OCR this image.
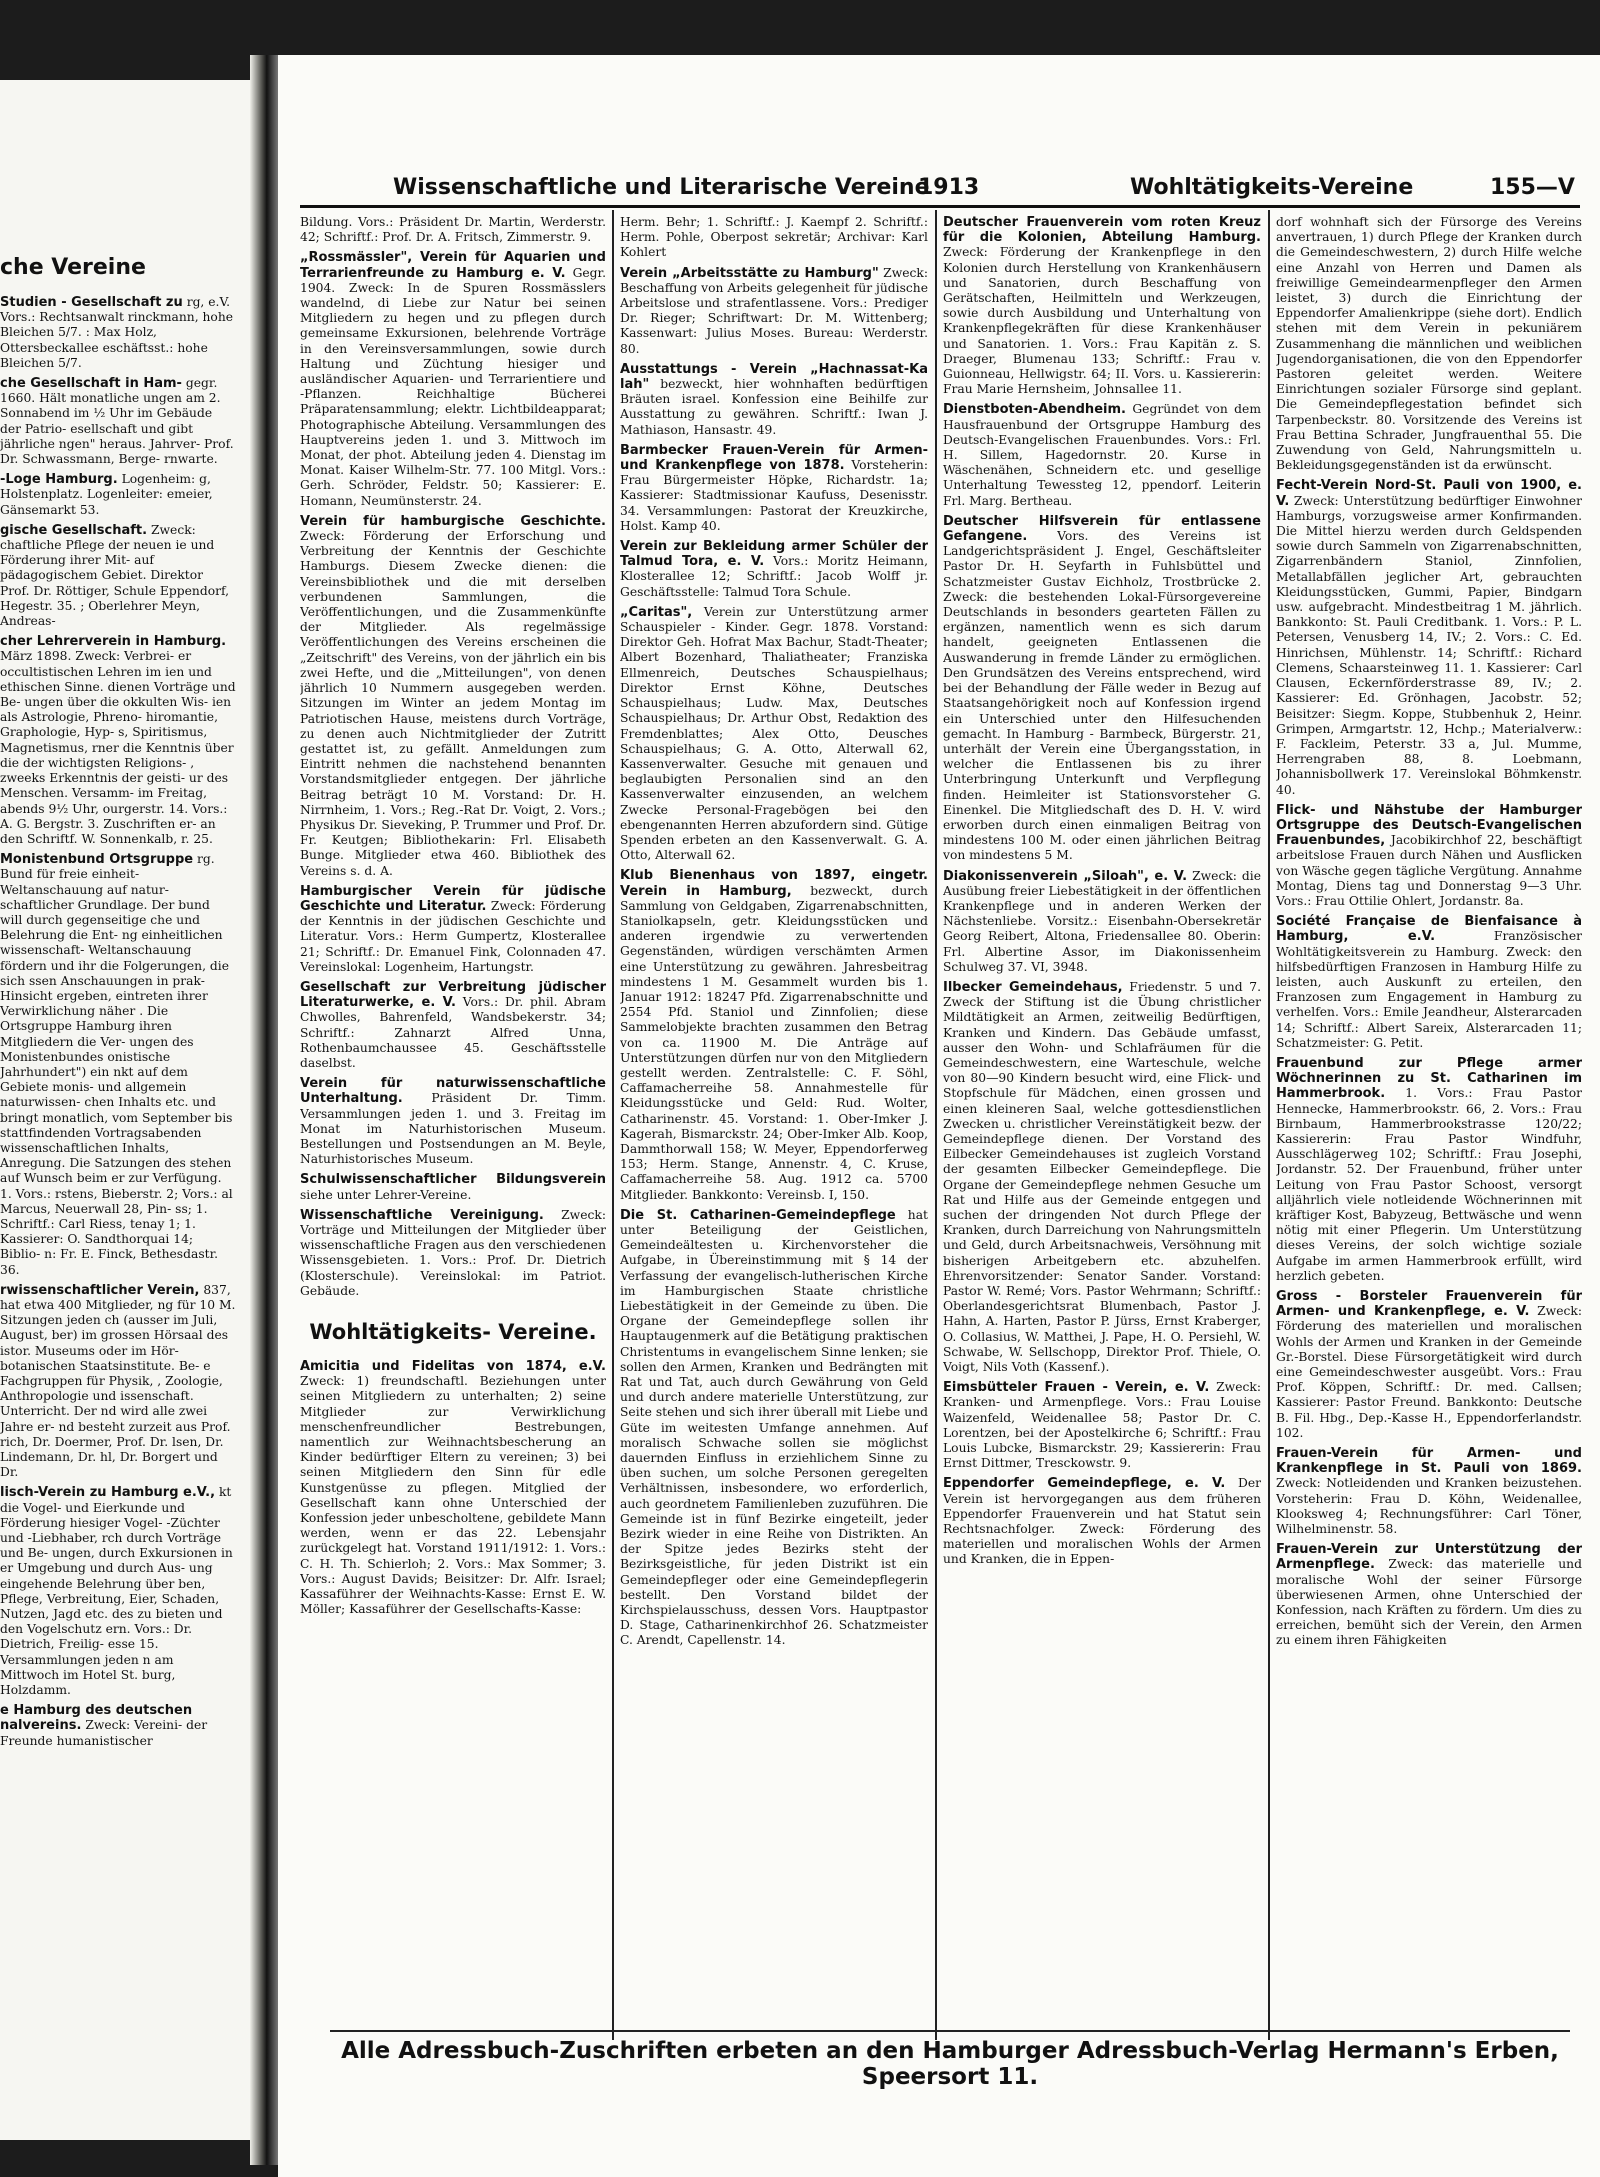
che Vereine

Studien - Gesellschaft zu rg, e.V. Vors.: Rechtsanwalt rinckmann, hohe Bleichen 5/7. : Max Holz, Ottersbeckallee eschäftsst.: hohe Bleichen 5/7.

che Gesellschaft in Ham- gegr. 1660. Hält monatliche ungen am 2. Sonnabend im ½ Uhr im Gebäude der Patrio- esellschaft und gibt jährliche ngen" heraus. Jahrver- Prof. Dr. Schwassmann, Berge- rnwarte.

-Loge Hamburg. Logenheim: g, Holstenplatz. Logenleiter: emeier, Gänsemarkt 53.

gische Gesellschaft. Zweck: chaftliche Pflege der neuen ie und Förderung ihrer Mit- auf pädagogischem Gebiet. Direktor Prof. Dr. Röttiger, Schule Eppendorf, Hegestr. 35. ; Oberlehrer Meyn, Andreas-

cher Lehrerverein in Hamburg. März 1898. Zweck: Verbrei- er occultistischen Lehren im ien und ethischen Sinne. dienen Vorträge und Be- ungen über die okkulten Wis- ien als Astrologie, Phreno- hiromantie, Graphologie, Hyp- s, Spiritismus, Magnetismus, rner die Kenntnis über die der wichtigsten Religions- , zweeks Erkenntnis der geisti- ur des Menschen. Versamm- im Freitag, abends 9½ Uhr, ourgerstr. 14. Vors.: A. G. Bergstr. 3. Zuschriften er- an den Schriftf. W. Sonnenkalb, r. 25.

Monistenbund Ortsgruppe rg. Bund für freie einheit- Weltanschauung auf natur- schaftlicher Grundlage. Der bund will durch gegenseitige che und Belehrung die Ent- ng einheitlichen wissenschaft- Weltanschauung fördern und ihr die Folgerungen, die sich ssen Anschauungen in prak- Hinsicht ergeben, eintreten ihrer Verwirklichung näher . Die Ortsgruppe Hamburg ihren Mitgliedern die Ver- ungen des Monistenbundes onistische Jahrhundert") ein nkt auf dem Gebiete monis- und allgemein naturwissen- chen Inhalts etc. und bringt monatlich, vom September bis stattfindenden Vortragsabenden wissenschaftlichen Inhalts, Anregung. Die Satzungen des stehen auf Wunsch beim er zur Verfügung. 1. Vors.: rstens, Bieberstr. 2; Vors.: al Marcus, Neuerwall 28, Pin- ss; 1. Schriftf.: Carl Riess, tenay 1; 1. Kassierer: O. Sandthorquai 14; Biblio- n: Fr. E. Finck, Bethesdastr. 36.

rwissenschaftlicher Verein, 837, hat etwa 400 Mitglieder, ng für 10 M. Sitzungen jeden ch (ausser im Juli, August, ber) im grossen Hörsaal des istor. Museums oder im Hör- botanischen Staatsinstitute. Be- e Fachgruppen für Physik, , Zoologie, Anthropologie und issenschaft. Unterricht. Der nd wird alle zwei Jahre er- nd besteht zurzeit aus Prof. rich, Dr. Doermer, Prof. Dr. lsen, Dr. Lindemann, Dr. hl, Dr. Borgert und Dr.

lisch-Verein zu Hamburg e.V., kt die Vogel- und Eierkunde und Förderung hiesiger Vogel- -Züchter und -Liebhaber, rch durch Vorträge und Be- ungen, durch Exkursionen in er Umgebung und durch Aus- ung eingehende Belehrung über ben, Pflege, Verbreitung, Eier, Schaden, Nutzen, Jagd etc. des zu bieten und den Vogelschutz ern. Vors.: Dr. Dietrich, Freilig- esse 15. Versammlungen jeden n am Mittwoch im Hotel St. burg, Holzdamm.

e Hamburg des deutschen nalvereins. Zweck: Vereini- der Freunde humanistischer

Wissenschaftliche und Literarische Vereine
1913	Wohltätigkeits-Vereine	155—V

Bildung. Vors.: Präsident Dr. Martin, Werderstr. 42; Schriftf.: Prof. Dr. A. Fritsch, Zimmerstr. 9.

„Rossmässler", Verein für Aquarien und Terrarienfreunde zu Hamburg e. V. Gegr. 1904. Zweck: In de Spuren Rossmässlers wandelnd, di Liebe zur Natur bei seinen Mitgliedern zu hegen und zu pflegen durch gemeinsame Exkursionen, belehrende Vorträge in den Vereinsversammlungen, sowie durch Haltung und Züchtung hiesiger und ausländischer Aquarien- und Terrarientiere und -Pflanzen. Reichhaltige Bücherei Präparatensammlung; elektr. Lichtbildeapparat; Photographische Abteilung. Versammlungen des Hauptvereins jeden 1. und 3. Mittwoch im Monat, der phot. Abteilung jeden 4. Dienstag im Monat. Kaiser Wilhelm-Str. 77. 100 Mitgl. Vors.: Gerh. Schröder, Feldstr. 50; Kassierer: E. Homann, Neumünsterstr. 24.

Verein für hamburgische Geschichte. Zweck: Förderung der Erforschung und Verbreitung der Kenntnis der Geschichte Hamburgs. Diesem Zwecke dienen: die Vereinsbibliothek und die mit derselben verbundenen Sammlungen, die Veröffentlichungen, und die Zusammenkünfte der Mitglieder. Als regelmässige Veröffentlichungen des Vereins erscheinen die „Zeitschrift" des Vereins, von der jährlich ein bis zwei Hefte, und die „Mitteilungen", von denen jährlich 10 Nummern ausgegeben werden. Sitzungen im Winter an jedem Montag im Patriotischen Hause, meistens durch Vorträge, zu denen auch Nichtmitglieder der Zutritt gestattet ist, zu gefällt. Anmeldungen zum Eintritt nehmen die nachstehend benannten Vorstandsmitglieder entgegen. Der jährliche Beitrag beträgt 10 M. Vorstand: Dr. H. Nirrnheim, 1. Vors.; Reg.-Rat Dr. Voigt, 2. Vors.; Physikus Dr. Sieveking, P. Trummer und Prof. Dr. Fr. Keutgen; Bibliothekarin: Frl. Elisabeth Bunge. Mitglieder etwa 460. Bibliothek des Vereins s. d. A.

Hamburgischer Verein für jüdische Geschichte und Literatur. Zweck: Förderung der Kenntnis in der jüdischen Geschichte und Literatur. Vors.: Herm Gumpertz, Klosterallee 21; Schriftf.: Dr. Emanuel Fink, Colonnaden 47. Vereinslokal: Logenheim, Hartungstr.

Gesellschaft zur Verbreitung jüdischer Literaturwerke, e. V. Vors.: Dr. phil. Abram Chwolles, Bahrenfeld, Wandsbekerstr. 34; Schriftf.: Zahnarzt Alfred Unna, Rothenbaumchaussee 45. Geschäftsstelle daselbst.

Verein für naturwissenschaftliche Unterhaltung. Präsident Dr. Timm. Versammlungen jeden 1. und 3. Freitag im Monat im Naturhistorischen Museum. Bestellungen und Postsendungen an M. Beyle, Naturhistorisches Museum.

Schulwissenschaftlicher Bildungsverein siehe unter Lehrer-Vereine.

Wissenschaftliche Vereinigung. Zweck: Vorträge und Mitteilungen der Mitglieder über wissenschaftliche Fragen aus den verschiedenen Wissensgebieten. 1. Vors.: Prof. Dr. Dietrich (Klosterschule). Vereinslokal: im Patriot. Gebäude.

Wohltätigkeits- Vereine.

Amicitia und Fidelitas von 1874, e.V. Zweck: 1) freundschaftl. Beziehungen unter seinen Mitgliedern zu unterhalten; 2) seine Mitglieder zur Verwirklichung menschenfreundlicher Bestrebungen, namentlich zur Weihnachtsbescherung an Kinder bedürftiger Eltern zu vereinen; 3) bei seinen Mitgliedern den Sinn für edle Kunstgenüsse zu pflegen. Mitglied der Gesellschaft kann ohne Unterschied der Konfession jeder unbescholtene, gebildete Mann werden, wenn er das 22. Lebensjahr zurückgelegt hat. Vorstand 1911/1912: 1. Vors.: C. H. Th. Schierloh; 2. Vors.: Max Sommer; 3. Vors.: August Davids; Beisitzer: Dr. Alfr. Israel; Kassaführer der Weihnachts-Kasse: Ernst E. W. Möller; Kassaführer der Gesellschafts-Kasse:

Herm. Behr; 1. Schriftf.: J. Kaempf 2. Schriftf.: Herm. Pohle, Oberpost sekretär; Archivar: Karl Kohlert

Verein „Arbeitsstätte zu Hamburg" Zweck: Beschaffung von Arbeits gelegenheit für jüdische Arbeitslose und strafentlassene. Vors.: Prediger Dr. Rieger; Schriftwart: Dr. M. Wittenberg; Kassenwart: Julius Moses. Bureau: Werderstr. 80.

Ausstattungs - Verein „Hachnassat-Ka lah" bezweckt, hier wohnhaften bedürftigen Bräuten israel. Konfession eine Beihilfe zur Ausstattung zu gewähren. Schriftf.: Iwan J. Mathiason, Hansastr. 49.

Barmbecker Frauen-Verein für Armen- und Krankenpflege von 1878. Vorsteherin: Frau Bürgermeister Höpke, Richardstr. 1a; Kassierer: Stadtmissionar Kaufuss, Desenisstr. 34. Versammlungen: Pastorat der Kreuzkirche, Holst. Kamp 40.

Verein zur Bekleidung armer Schüler der Talmud Tora, e. V. Vors.: Moritz Heimann, Klosterallee 12; Schriftf.: Jacob Wolff jr. Geschäftsstelle: Talmud Tora Schule.

„Caritas", Verein zur Unterstützung armer Schauspieler - Kinder. Gegr. 1878. Vorstand: Direktor Geh. Hofrat Max Bachur, Stadt-Theater; Albert Bozenhard, Thaliatheater; Franziska Ellmenreich, Deutsches Schauspielhaus; Direktor Ernst Köhne, Deutsches Schauspielhaus; Ludw. Max, Deutsches Schauspielhaus; Dr. Arthur Obst, Redaktion des Fremdenblattes; Alex Otto, Deusches Schauspielhaus; G. A. Otto, Alterwall 62, Kassenverwalter. Gesuche mit genauen und beglaubigten Personalien sind an den Kassenverwalter einzusenden, an welchem Zwecke Personal-Fragebögen bei den ebengenannten Herren abzufordern sind. Gütige Spenden erbeten an den Kassenverwalt. G. A. Otto, Alterwall 62.

Klub Bienenhaus von 1897, eingetr. Verein in Hamburg, bezweckt, durch Sammlung von Geldgaben, Zigarrenabschnitten, Staniolkapseln, getr. Kleidungsstücken und anderen irgendwie zu verwertenden Gegenständen, würdigen verschämten Armen eine Unterstützung zu gewähren. Jahresbeitrag mindestens 1 M. Gesammelt wurden bis 1. Januar 1912: 18247 Pfd. Zigarrenabschnitte und 2554 Pfd. Staniol und Zinnfolien; diese Sammelobjekte brachten zusammen den Betrag von ca. 11900 M. Die Anträge auf Unterstützungen dürfen nur von den Mitgliedern gestellt werden. Zentralstelle: C. F. Söhl, Caffamacherreihe 58. Annahmestelle für Kleidungsstücke und Geld: Rud. Wolter, Catharinenstr. 45. Vorstand: 1. Ober-Imker J. Kagerah, Bismarckstr. 24; Ober-Imker Alb. Koop, Dammthorwall 158; W. Meyer, Eppendorferweg 153; Herm. Stange, Annenstr. 4, C. Kruse, Caffamacherreihe 58. Aug. 1912 ca. 5700 Mitglieder. Bankkonto: Vereinsb. I, 150.

Die St. Catharinen-Gemeindepflege hat unter Beteiligung der Geistlichen, Gemeindeältesten u. Kirchenvorsteher die Aufgabe, in Übereinstimmung mit § 14 der Verfassung der evangelisch-lutherischen Kirche im Hamburgischen Staate christliche Liebestätigkeit in der Gemeinde zu üben. Die Organe der Gemeindepflege sollen ihr Hauptaugenmerk auf die Betätigung praktischen Christentums in evangelischem Sinne lenken; sie sollen den Armen, Kranken und Bedrängten mit Rat und Tat, auch durch Gewährung von Geld und durch andere materielle Unterstützung, zur Seite stehen und sich ihrer überall mit Liebe und Güte im weitesten Umfange annehmen. Auf moralisch Schwache sollen sie möglichst dauernden Einfluss in erziehlichem Sinne zu üben suchen, um solche Personen geregelten Verhältnissen, insbesondere, wo erforderlich, auch geordnetem Familienleben zuzuführen. Die Gemeinde ist in fünf Bezirke eingeteilt, jeder Bezirk wieder in eine Reihe von Distrikten. An der Spitze jedes Bezirks steht der Bezirksgeistliche, für jeden Distrikt ist ein Gemeindepfleger oder eine Gemeindepflegerin bestellt. Den Vorstand bildet der Kirchspielausschuss, dessen Vors. Hauptpastor D. Stage, Catharinenkirchhof 26. Schatzmeister C. Arendt, Capellenstr. 14.

Deutscher Frauenverein vom roten Kreuz für die Kolonien, Abteilung Hamburg. Zweck: Förderung der Krankenpflege in den Kolonien durch Herstellung von Krankenhäusern und Sanatorien, durch Beschaffung von Gerätschaften, Heilmitteln und Werkzeugen, sowie durch Ausbildung und Unterhaltung von Krankenpflegekräften für diese Krankenhäuser und Sanatorien. 1. Vors.: Frau Kapitän z. S. Draeger, Blumenau 133; Schriftf.: Frau v. Guionneau, Hellwigstr. 64; II. Vors. u. Kassiererin: Frau Marie Hernsheim, Johnsallee 11.

Dienstboten-Abendheim. Gegründet von dem Hausfrauenbund der Ortsgruppe Hamburg des Deutsch-Evangelischen Frauenbundes. Vors.: Frl. H. Sillem, Hagedornstr. 20. Kurse in Wäschenähen, Schneidern etc. und gesellige Unterhaltung Tewessteg 12, ppendorf. Leiterin Frl. Marg. Bertheau.

Deutscher Hilfsverein für entlassene Gefangene. Vors. des Vereins ist Landgerichtspräsident J. Engel, Geschäftsleiter Pastor Dr. H. Seyfarth in Fuhlsbüttel und Schatzmeister Gustav Eichholz, Trostbrücke 2. Zweck: die bestehenden Lokal-Fürsorgevereine Deutschlands in besonders gearteten Fällen zu ergänzen, namentlich wenn es sich darum handelt, geeigneten Entlassenen die Auswanderung in fremde Länder zu ermöglichen. Den Grundsätzen des Vereins entsprechend, wird bei der Behandlung der Fälle weder in Bezug auf Staatsangehörigkeit noch auf Konfession irgend ein Unterschied unter den Hilfesuchenden gemacht. In Hamburg - Barmbeck, Bürgerstr. 21, unterhält der Verein eine Übergangsstation, in welcher die Entlassenen bis zu ihrer Unterbringung Unterkunft und Verpflegung finden. Heimleiter ist Stationsvorsteher G. Einenkel. Die Mitgliedschaft des D. H. V. wird erworben durch einen einmaligen Beitrag von mindestens 100 M. oder einen jährlichen Beitrag von mindestens 5 M.

Diakonissenverein „Siloah", e. V. Zweck: die Ausübung freier Liebestätigkeit in der öffentlichen Krankenpflege und in anderen Werken der Nächstenliebe. Vorsitz.: Eisenbahn-Obersekretär Georg Reibert, Altona, Friedensallee 80. Oberin: Frl. Albertine Assor, im Diakonissenheim Schulweg 37. VI, 3948.

Ilbecker Gemeindehaus, Friedenstr. 5 und 7. Zweck der Stiftung ist die Übung christlicher Mildtätigkeit an Armen, zeitweilig Bedürftigen, Kranken und Kindern. Das Gebäude umfasst, ausser den Wohn- und Schlafräumen für die Gemeindeschwestern, eine Warteschule, welche von 80—90 Kindern besucht wird, eine Flick- und Stopfschule für Mädchen, einen grossen und einen kleineren Saal, welche gottesdienstlichen Zwecken u. christlicher Vereinstätigkeit bezw. der Gemeindepflege dienen. Der Vorstand des Eilbecker Gemeindehauses ist zugleich Vorstand der gesamten Eilbecker Gemeindepflege. Die Organe der Gemeindepflege nehmen Gesuche um Rat und Hilfe aus der Gemeinde entgegen und suchen der dringenden Not durch Pflege der Kranken, durch Darreichung von Nahrungsmitteln und Geld, durch Arbeitsnachweis, Versöhnung mit bisherigen Arbeitgebern etc. abzuhelfen. Ehrenvorsitzender: Senator Sander. Vorstand: Pastor W. Remé; Vors. Pastor Wehrmann; Schriftf.: Oberlandesgerichtsrat Blumenbach, Pastor J. Hahn, A. Harten, Pastor P. Jürss, Ernst Kraberger, O. Collasius, W. Matthei, J. Pape, H. O. Persiehl, W. Schwabe, W. Sellschopp, Direktor Prof. Thiele, O. Voigt, Nils Voth (Kassenf.).

Eimsbütteler Frauen - Verein, e. V. Zweck: Kranken- und Armenpflege. Vors.: Frau Louise Waizenfeld, Weidenallee 58; Pastor Dr. C. Lorentzen, bei der Apostelkirche 6; Schriftf.: Frau Louis Lubcke, Bismarckstr. 29; Kassiererin: Frau Ernst Dittmer, Tresckowstr. 9.

Eppendorfer Gemeindepflege, e. V. Der Verein ist hervorgegangen aus dem früheren Eppendorfer Frauenverein und hat Statut sein Rechtsnachfolger. Zweck: Förderung des materiellen und moralischen Wohls der Armen und Kranken, die in Eppen-

dorf wohnhaft sich der Fürsorge des Vereins anvertrauen, 1) durch Pflege der Kranken durch die Gemeindeschwestern, 2) durch Hilfe welche eine Anzahl von Herren und Damen als freiwillige Gemeindearmenpfleger den Armen leistet, 3) durch die Einrichtung der Eppendorfer Amalienkrippe (siehe dort). Endlich stehen mit dem Verein in pekuniärem Zusammenhang die männlichen und weiblichen Jugendorganisationen, die von den Eppendorfer Pastoren geleitet werden. Weitere Einrichtungen sozialer Fürsorge sind geplant. Die Gemeindepflegestation befindet sich Tarpenbeckstr. 80. Vorsitzende des Vereins ist Frau Bettina Schrader, Jungfrauenthal 55. Die Zuwendung von Geld, Nahrungsmitteln u. Bekleidungsgegenständen ist da erwünscht.

Fecht-Verein Nord-St. Pauli von 1900, e. V. Zweck: Unterstützung bedürftiger Einwohner Hamburgs, vorzugsweise armer Konfirmanden. Die Mittel hierzu werden durch Geldspenden sowie durch Sammeln von Zigarrenabschnitten, Zigarrenbändern Staniol, Zinnfolien, Metallabfällen jeglicher Art, gebrauchten Kleidungsstücken, Gummi, Papier, Bindgarn usw. aufgebracht. Mindestbeitrag 1 M. jährlich. Bankkonto: St. Pauli Creditbank. 1. Vors.: P. L. Petersen, Venusberg 14, IV.; 2. Vors.: C. Ed. Hinrichsen, Mühlenstr. 14; Schriftf.: Richard Clemens, Schaarsteinweg 11. 1. Kassierer: Carl Clausen, Eckernförderstrasse 89, IV.; 2. Kassierer: Ed. Grönhagen, Jacobstr. 52; Beisitzer: Siegm. Koppe, Stubbenhuk 2, Heinr. Grimpen, Armgartstr. 12, Hchp.; Materialverw.: F. Fackleim, Peterstr. 33 a, Jul. Mumme, Herrengraben 88, 8. Loebmann, Johannisbollwerk 17. Vereinslokal Böhmkenstr. 40.

Flick- und Nähstube der Hamburger Ortsgruppe des Deutsch-Evangelischen Frauenbundes, Jacobikirchhof 22, beschäftigt arbeitslose Frauen durch Nähen und Ausflicken von Wäsche gegen tägliche Vergütung. Annahme Montag, Diens tag und Donnerstag 9—3 Uhr. Vors.: Frau Ottilie Ohlert, Jordanstr. 8a.

Société Française de Bienfaisance à Hamburg, e.V.	Französischer Wohltätigkeitsverein zu Hamburg. Zweck: den hilfsbedürftigen Franzosen in Hamburg Hilfe zu leisten, auch Auskunft zu erteilen, den Franzosen zum Engagement in Hamburg zu verhelfen. Vors.: Emile Jeandheur, Alsterarcaden 14; Schriftf.: Albert Sareix, Alsterarcaden 11; Schatzmeister: G. Petit.

Frauenbund zur Pflege armer Wöchnerinnen zu St. Catharinen im Hammerbrook. 1. Vors.: Frau Pastor Hennecke, Hammerbrookstr. 66, 2. Vors.: Frau Birnbaum, Hammerbrookstrasse 120/22; Kassiererin: Frau Pastor Windfuhr, Ausschlägerweg 102; Schriftf.: Frau Josephi, Jordanstr. 52. Der Frauenbund, früher unter Leitung von Frau Pastor Schoost, versorgt alljährlich viele notleidende Wöchnerinnen mit kräftiger Kost, Babyzeug, Bettwäsche und wenn nötig mit einer Pflegerin. Um Unterstützung dieses Vereins, der solch wichtige soziale Aufgabe im armen Hammerbrook erfüllt, wird herzlich gebeten.

Gross - Borsteler Frauenverein für Armen- und Krankenpflege, e. V. Zweck: Förderung des materiellen und moralischen Wohls der Armen und Kranken in der Gemeinde Gr.-Borstel. Diese Fürsorgetätigkeit wird durch eine Gemeindeschwester ausgeübt. Vors.: Frau Prof. Köppen, Schriftf.: Dr. med. Callsen; Kassierer: Pastor Freund. Bankkonto: Deutsche B. Fil. Hbg., Dep.-Kasse H., Eppendorferlandstr. 102.

Frauen-Verein für Armen- und Krankenpflege in St. Pauli von 1869. Zweck: Notleidenden und Kranken beizustehen. Vorsteherin: Frau D. Köhn, Weidenallee, Klooksweg 4; Rechnungsführer: Carl Töner, Wilhelminenstr. 58.

Frauen-Verein zur Unterstützung der Armenpflege. Zweck: das materielle und moralische Wohl der seiner Fürsorge überwiesenen Armen, ohne Unterschied der Konfession, nach Kräften zu fördern. Um dies zu erreichen, bemüht sich der Verein, den Armen zu einem ihren Fähigkeiten

Alle Adressbuch-Zuschriften erbeten an den Hamburger Adressbuch-Verlag Hermann's Erben, Speersort 11.
